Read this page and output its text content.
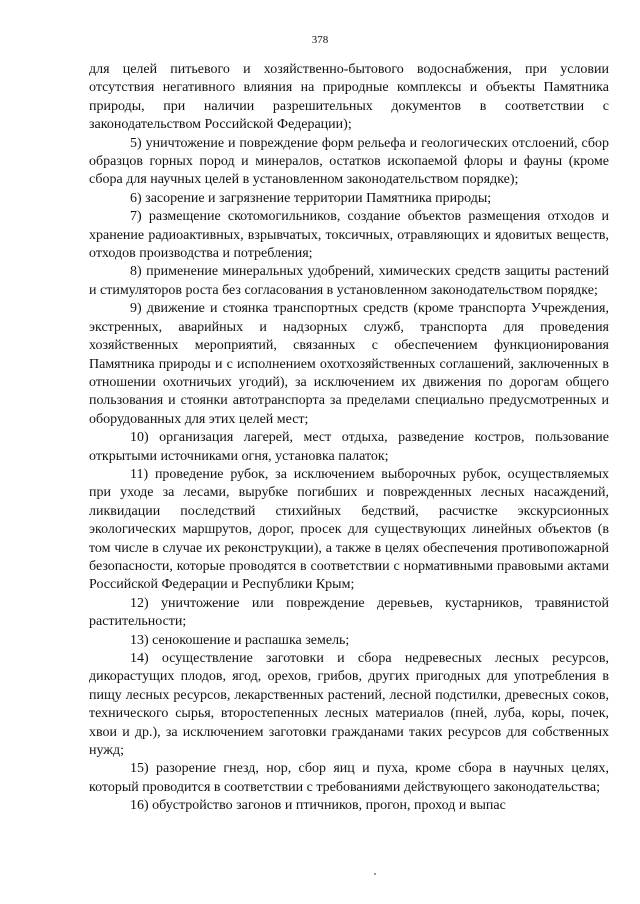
378

для целей питьевого и хозяйственно-бытового водоснабжения, при условии отсутствия негативного влияния на природные комплексы и объекты Памятника природы, при наличии разрешительных документов в соответствии с законодательством Российской Федерации);

5) уничтожение и повреждение форм рельефа и геологических отслоений, сбор образцов горных пород и минералов, остатков ископаемой флоры и фауны (кроме сбора для научных целей в установленном законодательством порядке);

6) засорение и загрязнение территории Памятника природы;

7) размещение скотомогильников, создание объектов размещения отходов и хранение радиоактивных, взрывчатых, токсичных, отравляющих и ядовитых веществ, отходов производства и потребления;

8) применение минеральных удобрений, химических средств защиты растений и стимуляторов роста без согласования в установленном законодательством порядке;

9) движение и стоянка транспортных средств (кроме транспорта Учреждения, экстренных, аварийных и надзорных служб, транспорта для проведения хозяйственных мероприятий, связанных с обеспечением функционирования Памятника природы и с исполнением охотхозяйственных соглашений, заключенных в отношении охотничьих угодий), за исключением их движения по дорогам общего пользования и стоянки автотранспорта за пределами специально предусмотренных и оборудованных для этих целей мест;

10) организация лагерей, мест отдыха, разведение костров, пользование открытыми источниками огня, установка палаток;

11) проведение рубок, за исключением выборочных рубок, осуществляемых при уходе за лесами, вырубке погибших и поврежденных лесных насаждений, ликвидации последствий стихийных бедствий, расчистке экскурсионных экологических маршрутов, дорог, просек для существующих линейных объектов (в том числе в случае их реконструкции), а также в целях обеспечения противопожарной безопасности, которые проводятся в соответствии с нормативными правовыми актами Российской Федерации и Республики Крым;

12) уничтожение или повреждение деревьев, кустарников, травянистой растительности;

13) сенокошение и распашка земель;

14) осуществление заготовки и сбора недревесных лесных ресурсов, дикорастущих плодов, ягод, орехов, грибов, других пригодных для употребления в пищу лесных ресурсов, лекарственных растений, лесной подстилки, древесных соков, технического сырья, второстепенных лесных материалов (пней, луба, коры, почек, хвои и др.), за исключением заготовки гражданами таких ресурсов для собственных нужд;

15) разорение гнезд, нор, сбор яиц и пуха, кроме сбора в научных целях, который проводится в соответствии с требованиями действующего законодательства;

16) обустройство загонов и птичников, прогон, проход и выпас
